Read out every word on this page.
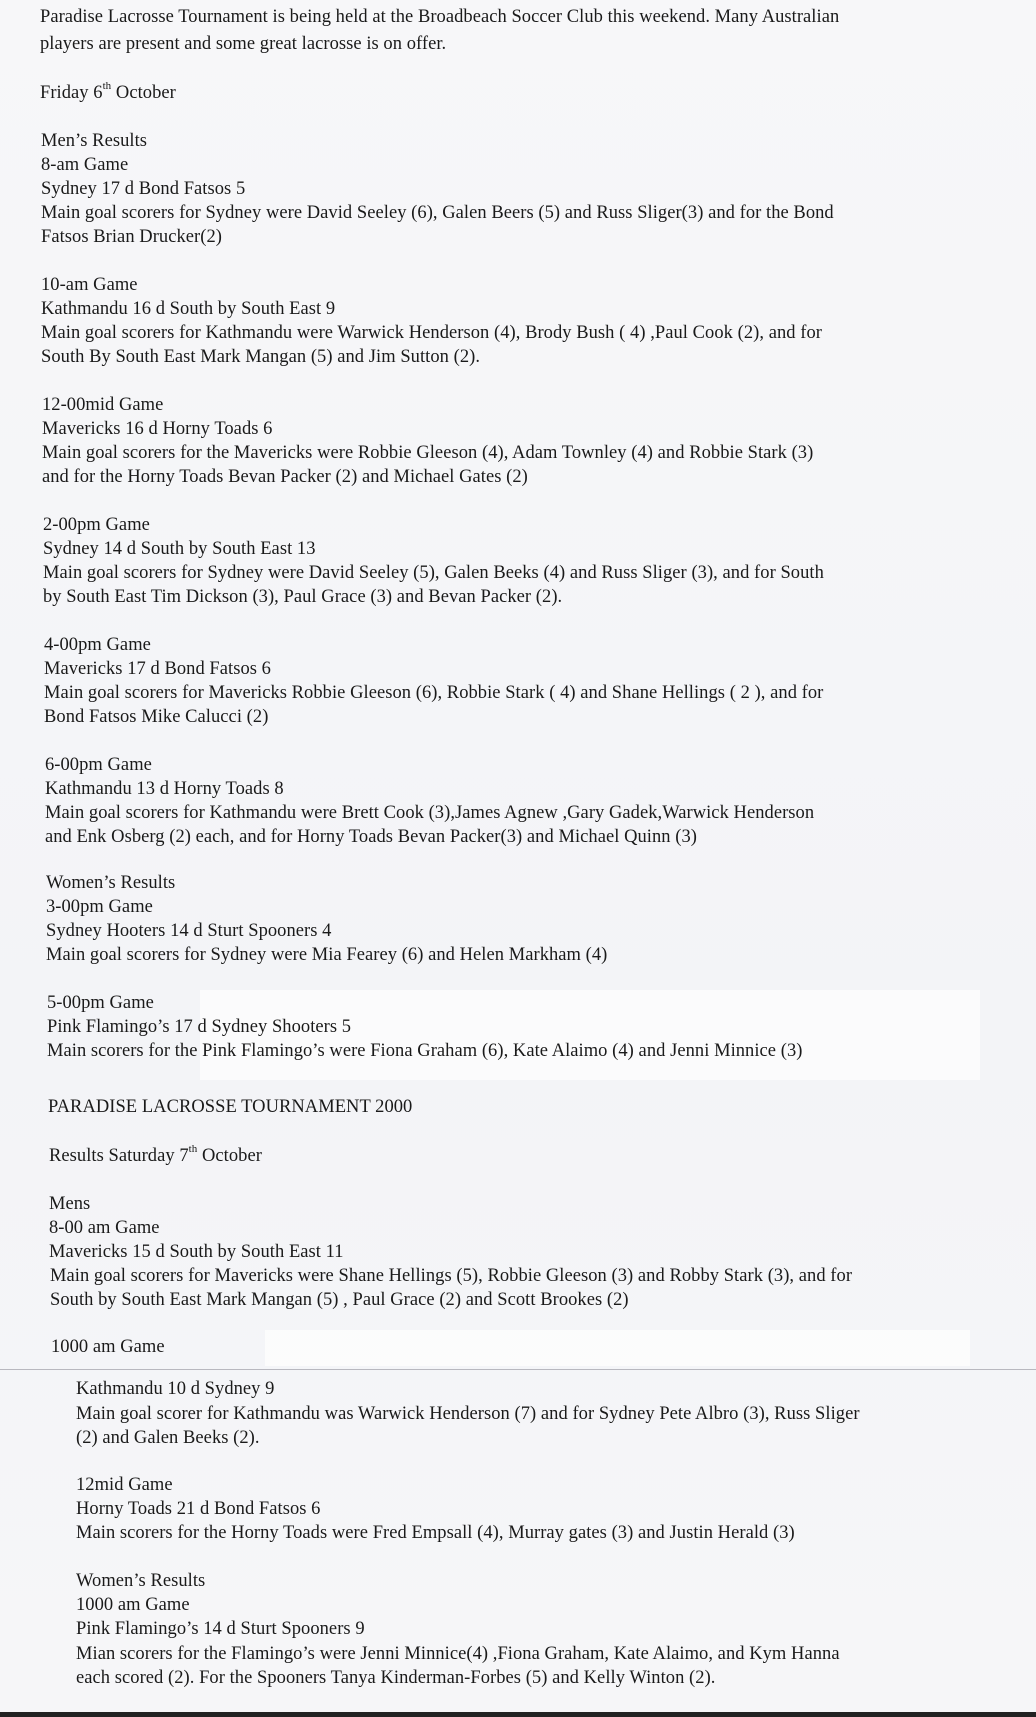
Paradise Lacrosse Tournament is being held at the Broadbeach Soccer Club this weekend. Many Australian
players are present and some great lacrosse is on offer.
Friday 6th October
Men’s Results
8-am Game
Sydney 17 d Bond Fatsos 5
Main goal scorers for Sydney were David Seeley (6), Galen Beers (5) and Russ Sliger(3) and for the Bond
Fatsos Brian Drucker(2)
10-am Game
Kathmandu 16 d South by South East 9
Main goal scorers for Kathmandu were Warwick Henderson (4), Brody Bush ( 4) ,Paul Cook (2), and for
South By South East Mark Mangan (5) and Jim Sutton (2).
12-00mid Game
Mavericks 16 d Horny Toads 6
Main goal scorers for the Mavericks were Robbie Gleeson (4), Adam Townley (4) and Robbie Stark (3)
and for the Horny Toads Bevan Packer (2) and Michael Gates (2)
2-00pm Game
Sydney 14 d South by South East 13
Main goal scorers for Sydney were David Seeley (5), Galen Beeks (4) and Russ Sliger (3), and for South
by South East Tim Dickson (3), Paul Grace (3) and Bevan Packer (2).
4-00pm Game
Mavericks 17 d Bond Fatsos 6
Main goal scorers for Mavericks Robbie Gleeson (6), Robbie Stark ( 4) and Shane Hellings ( 2 ), and for
Bond Fatsos Mike Calucci (2)
6-00pm Game
Kathmandu 13 d Horny Toads 8
Main goal scorers for Kathmandu were Brett Cook (3),James Agnew ,Gary Gadek,Warwick Henderson
and Enk Osberg (2) each, and for Horny Toads Bevan Packer(3) and Michael Quinn (3)
Women’s Results
3-00pm Game
Sydney Hooters 14 d Sturt Spooners 4
Main goal scorers for Sydney were Mia Fearey (6) and Helen Markham (4)
5-00pm Game
Pink Flamingo’s 17 d Sydney Shooters 5
Main scorers for the Pink Flamingo’s were Fiona Graham (6), Kate Alaimo (4) and Jenni Minnice (3)
PARADISE LACROSSE TOURNAMENT 2000
Results Saturday 7th October
Mens
8-00 am Game
Mavericks 15 d South by South East 11
Main goal scorers for Mavericks were Shane Hellings (5), Robbie Gleeson (3) and Robby Stark (3), and for
South by South East Mark Mangan (5) , Paul Grace (2) and Scott Brookes (2)
1000 am Game
Kathmandu 10 d Sydney 9
Main goal scorer for Kathmandu was Warwick Henderson (7) and for Sydney Pete Albro (3), Russ Sliger
(2) and Galen Beeks (2).
12mid Game
Horny Toads 21 d Bond Fatsos 6
Main scorers for the Horny Toads were Fred Empsall (4), Murray gates (3) and Justin Herald (3)
Women’s Results
1000 am Game
Pink Flamingo’s 14 d Sturt Spooners 9
Mian scorers for the Flamingo’s were Jenni Minnice(4) ,Fiona Graham, Kate Alaimo, and Kym Hanna
each scored (2). For the Spooners Tanya Kinderman-Forbes (5) and Kelly Winton (2).
